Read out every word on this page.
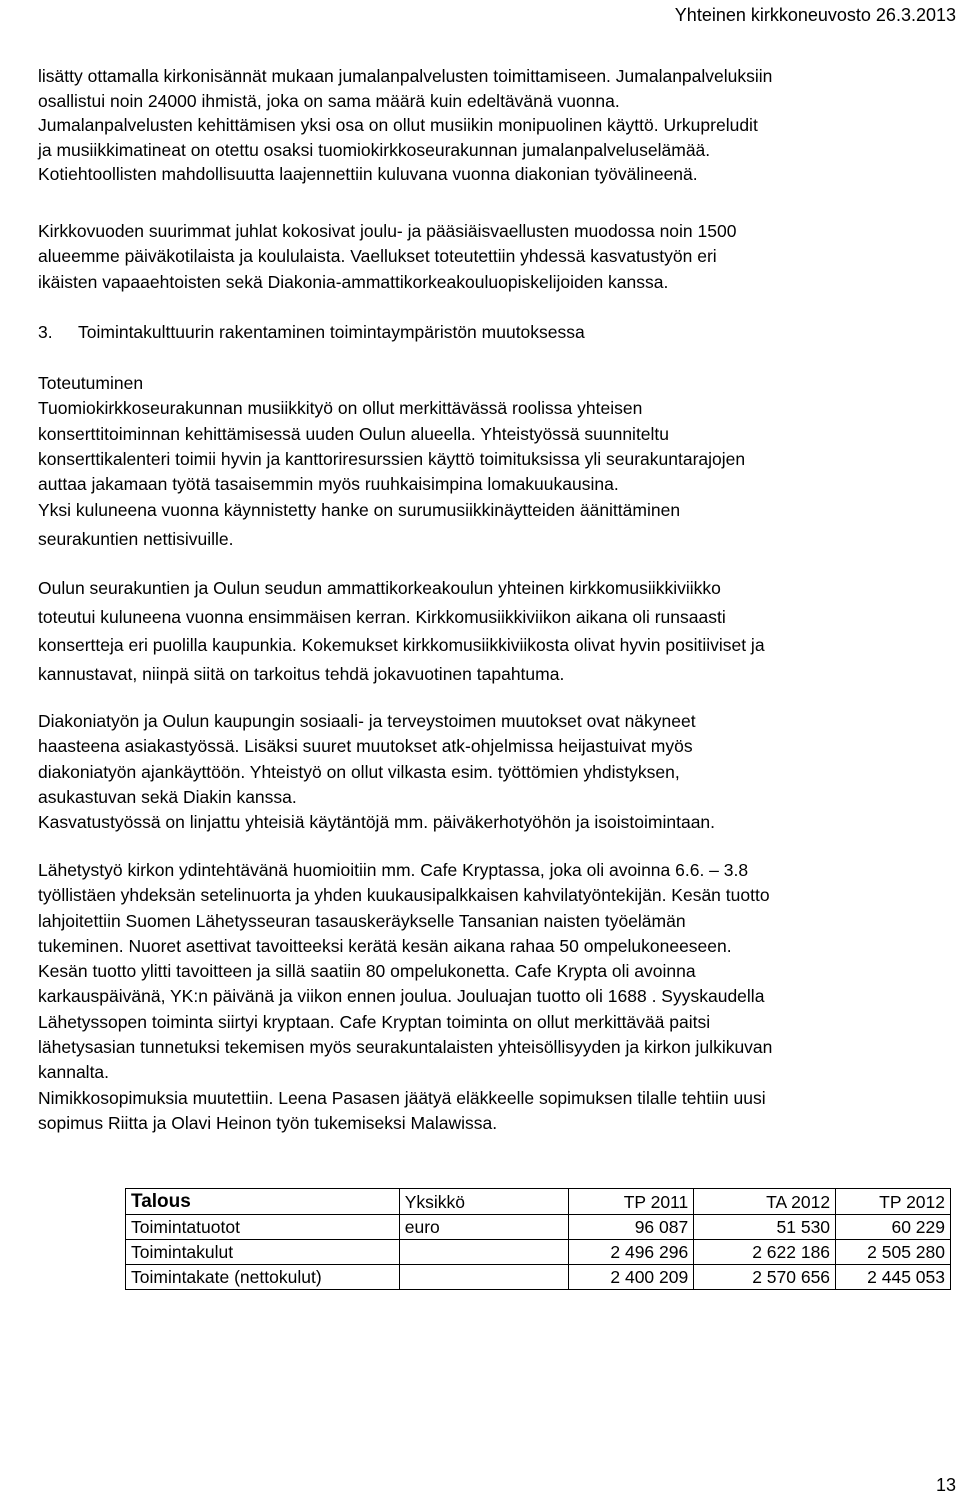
Yhteinen kirkkoneuvosto 26.3.2013
lisätty ottamalla kirkonisännät mukaan jumalanpalvelusten toimittamiseen. Jumalanpalveluksiin
osallistui noin 24000 ihmistä, joka on sama määrä kuin edeltävänä vuonna.
Jumalanpalvelusten kehittämisen yksi osa on ollut musiikin monipuolinen käyttö. Urkupreludit
ja musiikkimatineat on otettu osaksi tuomiokirkkoseurakunnan jumalanpalveluselämää.
Kotiehtoollisten mahdollisuutta laajennettiin kuluvana vuonna diakonian työvälineenä.
Kirkkovuoden suurimmat juhlat kokosivat joulu- ja pääsiäisvaellusten muodossa noin 1500
alueemme päiväkotilaista ja koululaista. Vaellukset toteutettiin yhdessä kasvatustyön eri
ikäisten vapaaehtoisten sekä Diakonia-ammattikorkeakouluopiskelijoiden kanssa.
3. Toimintakulttuurin rakentaminen toimintaympäristön muutoksessa
Toteutuminen
Tuomiokirkkoseurakunnan musiikkityö on ollut merkittävässä roolissa yhteisen
konserttitoiminnan kehittämisessä uuden Oulun alueella. Yhteistyössä suunniteltu
konserttikalenteri toimii hyvin ja kanttoriresurssien käyttö toimituksissa yli seurakuntarajojen
auttaa jakamaan työtä tasaisemmin myös ruuhkaisimpina lomakuukausina.
Yksi kuluneena vuonna käynnistetty hanke on surumusiikkinäytteiden äänittäminen
seurakuntien nettisivuille.
Oulun seurakuntien ja Oulun seudun ammattikorkeakoulun yhteinen kirkkomusiikkiviikko
toteutui kuluneena vuonna ensimmäisen kerran. Kirkkomusiikkiviikon aikana oli runsaasti
konsertteja eri puolilla kaupunkia. Kokemukset kirkkomusiikkiviikosta olivat hyvin positiiviset ja
kannustavat, niinpä siitä on tarkoitus tehdä jokavuotinen tapahtuma.
Diakoniatyön ja Oulun kaupungin sosiaali- ja terveystoimen muutokset ovat näkyneet
haasteena asiakastyössä. Lisäksi suuret muutokset atk-ohjelmissa heijastuivat myös
diakoniatyön ajankäyttöön. Yhteistyö on ollut vilkasta esim. työttömien yhdistyksen,
asukastuvan sekä Diakin kanssa.
Kasvatustyössä on linjattu yhteisiä käytäntöjä mm. päiväkerhotyöhön ja isoistoimintaan.
Lähetystyö kirkon ydintehtävänä huomioitiin mm. Cafe Kryptassa, joka oli avoinna 6.6. – 3.8
työllistäen yhdeksän setelinuorta ja yhden kuukausipalkkaisen kahvilatyöntekijän. Kesän tuotto
lahjoitettiin Suomen Lähetysseuran tasauskeräykselle Tansanian naisten työelämän
tukeminen. Nuoret asettivat tavoitteeksi kerätä kesän aikana rahaa 50 ompelukoneeseen.
Kesän tuotto ylitti tavoitteen ja sillä saatiin 80 ompelukonetta. Cafe Krypta oli avoinna
karkauspäivänä, YK:n päivänä ja viikon ennen joulua. Jouluajan tuotto oli 1688 . Syyskaudella
Lähetyssopen toiminta siirtyi kryptaan. Cafe Kryptan toiminta on ollut merkittävää paitsi
lähetysasian tunnetuksi tekemisen myös seurakuntalaisten yhteisöllisyyden ja kirkon julkikuvan
kannalta.
Nimikkosopimuksia muutettiin. Leena Pasasen jäätyä eläkkeelle sopimuksen tilalle tehtiin uusi
sopimus Riitta ja Olavi Heinon työn tukemiseksi Malawissa.
Talous	Yksikkö	TP 2011	TA 2012	TP 2012
Toimintatuotot	euro	96 087	51 530	60 229
Toimintakulut		2 496 296	2 622 186	2 505 280
Toimintakate (nettokulut)		2 400 209	2 570 656	2 445 053
13
